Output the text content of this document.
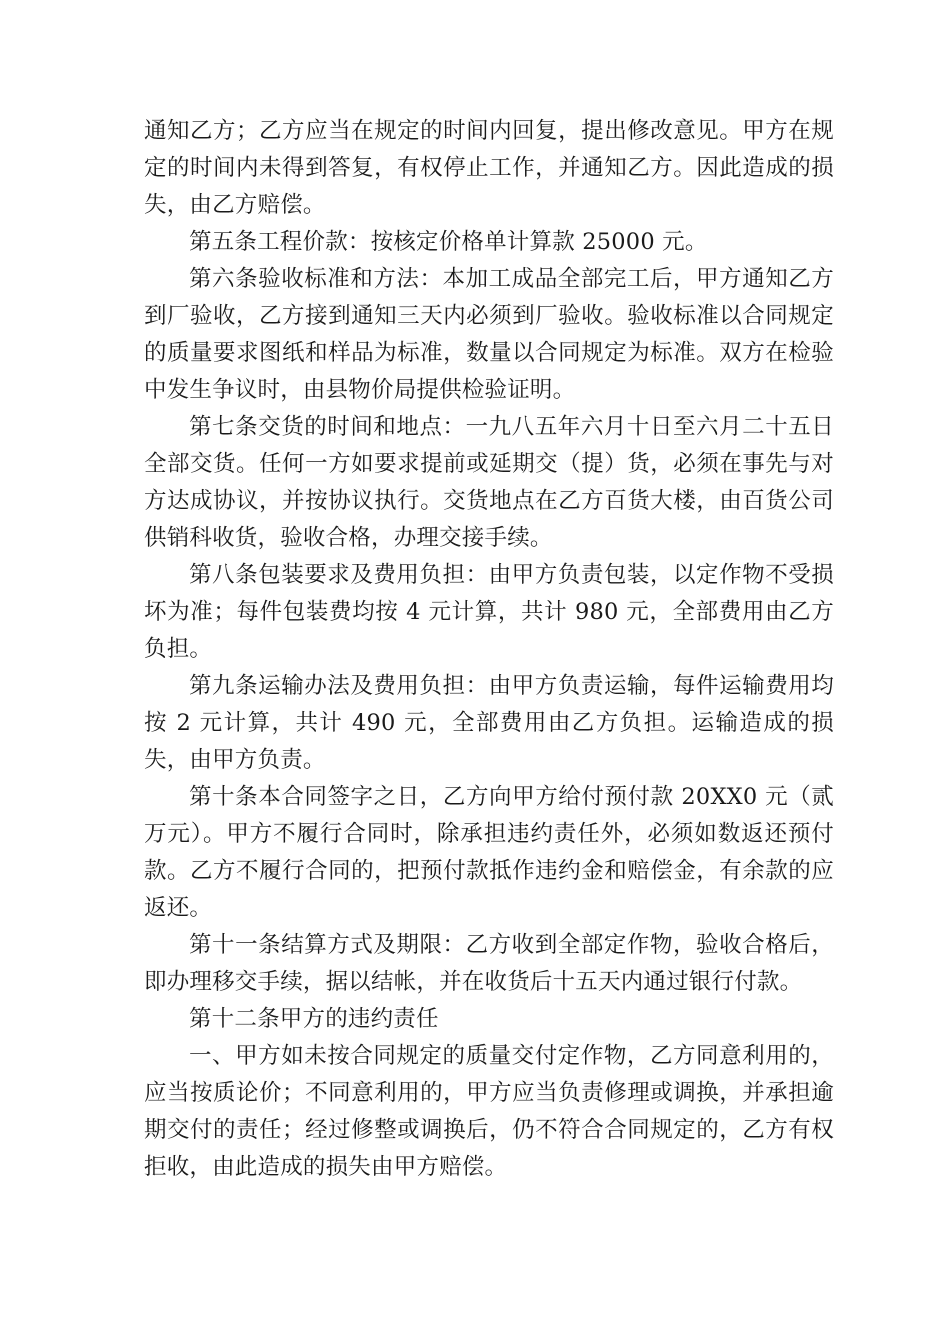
通知乙方；乙方应当在规定的时间内回复，提出修改意见。甲方在规定的时间内未得到答复，有权停止工作，并通知乙方。因此造成的损失，由乙方赔偿。

第五条工程价款：按核定价格单计算款 25000 元。

第六条验收标准和方法：本加工成品全部完工后，甲方通知乙方到厂验收，乙方接到通知三天内必须到厂验收。验收标准以合同规定的质量要求图纸和样品为标准，数量以合同规定为标准。双方在检验中发生争议时，由县物价局提供检验证明。

第七条交货的时间和地点：一九八五年六月十日至六月二十五日全部交货。任何一方如要求提前或延期交（提）货，必须在事先与对方达成协议，并按协议执行。交货地点在乙方百货大楼，由百货公司供销科收货，验收合格，办理交接手续。

第八条包装要求及费用负担：由甲方负责包装，以定作物不受损坏为准；每件包装费均按 4 元计算，共计 980 元，全部费用由乙方负担。

第九条运输办法及费用负担：由甲方负责运输，每件运输费用均按 2 元计算，共计 490 元，全部费用由乙方负担。运输造成的损失，由甲方负责。

第十条本合同签字之日，乙方向甲方给付预付款 20XX0 元（贰万元）。甲方不履行合同时，除承担违约责任外，必须如数返还预付款。乙方不履行合同的，把预付款抵作违约金和赔偿金，有余款的应返还。

第十一条结算方式及期限：乙方收到全部定作物，验收合格后，即办理移交手续，据以结帐，并在收货后十五天内通过银行付款。

第十二条甲方的违约责任

一、甲方如未按合同规定的质量交付定作物，乙方同意利用的，应当按质论价；不同意利用的，甲方应当负责修理或调换，并承担逾期交付的责任；经过修整或调换后，仍不符合合同规定的，乙方有权拒收，由此造成的损失由甲方赔偿。
